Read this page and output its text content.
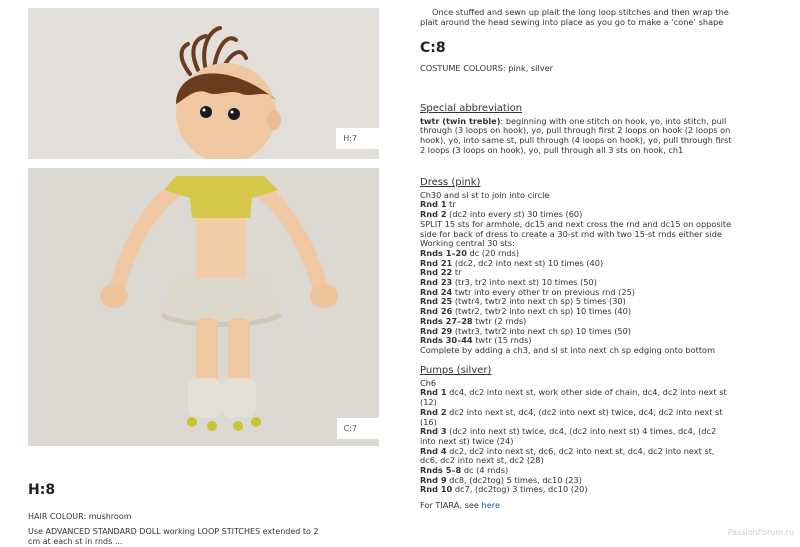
H:7
C:7
H:8
HAIR COLOUR: mushroom
Use ADVANCED STANDARD DOLL working LOOP STITCHES extended to 2
cm at each st in rnds ...

Once stuffed and sewn up plait the long loop stitches and then wrap the

plait around the head sewing into place as you go to make a ‘cone’ shape

C:8
COSTUME COLOURS: pink, silver
Special abbreviation
twtr (twin treble): beginning with one stitch on hook, yo, into stitch, pull
through (3 loops on hook), yo, pull through first 2 loops on hook (2 loops on
hook), yo, into same st, pull through (4 loops on hook), yo, pull through first
2 loops (3 loops on hook), yo, pull through all 3 sts on hook, ch1
Dress (pink)
Ch30 and sl st to join into circle
Rnd 1 tr
Rnd 2 (dc2 into every st) 30 times (60)
SPLIT 15 sts for armhole, dc15 and next cross the rnd and dc15 on opposite
side for back of dress to create a 30-st rnd with two 15-st rnds either side
Working central 30 sts:
Rnds 1–20 dc (20 rnds)
Rnd 21 (dc2, dc2 into next st) 10 times (40)
Rnd 22 tr
Rnd 23 (tr3, tr2 into next st) 10 times (50)
Rnd 24 twtr into every other tr on previous rnd (25)
Rnd 25 (twtr4, twtr2 into next ch sp) 5 times (30)
Rnd 26 (twtr2, twtr2 into next ch sp) 10 times (40)
Rnds 27–28 twtr (2 rnds)
Rnd 29 (twtr3, twtr2 into next ch sp) 10 times (50)
Rnds 30–44 twtr (15 rnds)
Complete by adding a ch3, and sl st into next ch sp edging onto bottom
Pumps (silver)
Ch6
Rnd 1 dc4, dc2 into next st, work other side of chain, dc4, dc2 into next st
(12)
Rnd 2 dc2 into next st, dc4, (dc2 into next st) twice, dc4, dc2 into next st
(16)
Rnd 3 (dc2 into next st) twice, dc4, (dc2 into next st) 4 times, dc4, (dc2
into next st) twice (24)
Rnd 4 dc2, dc2 into next st, dc6, dc2 into next st, dc4, dc2 into next st,
dc6, dc2 into next st, dc2 (28)
Rnds 5–8 dc (4 rnds)
Rnd 9 dc8, (dc2tog) 5 times, dc10 (23)
Rnd 10 dc7, (dc2tog) 3 times, dc10 (20)
For TIARA, see here
PassionForum.ru
